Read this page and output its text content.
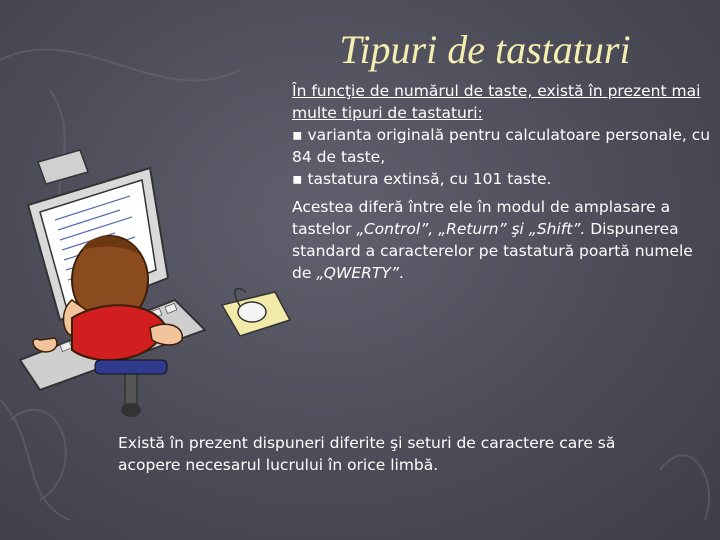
Tipuri de tastaturi
În funcţie de numărul de taste, există în prezent mai
multe tipuri de tastaturi:
▪ varianta originală pentru calculatoare personale, cu 84 de taste,
▪ tastatura extinsă, cu 101 taste.
Acestea diferă între ele în modul de amplasare a tastelor „Control”, „Return” şi „Shift”. Dispunerea standard a caracterelor pe tastatură poartă numele de „QWERTY”.
Există în prezent dispuneri diferite şi seturi de caractere care să acopere necesarul lucrului în orice limbă.
